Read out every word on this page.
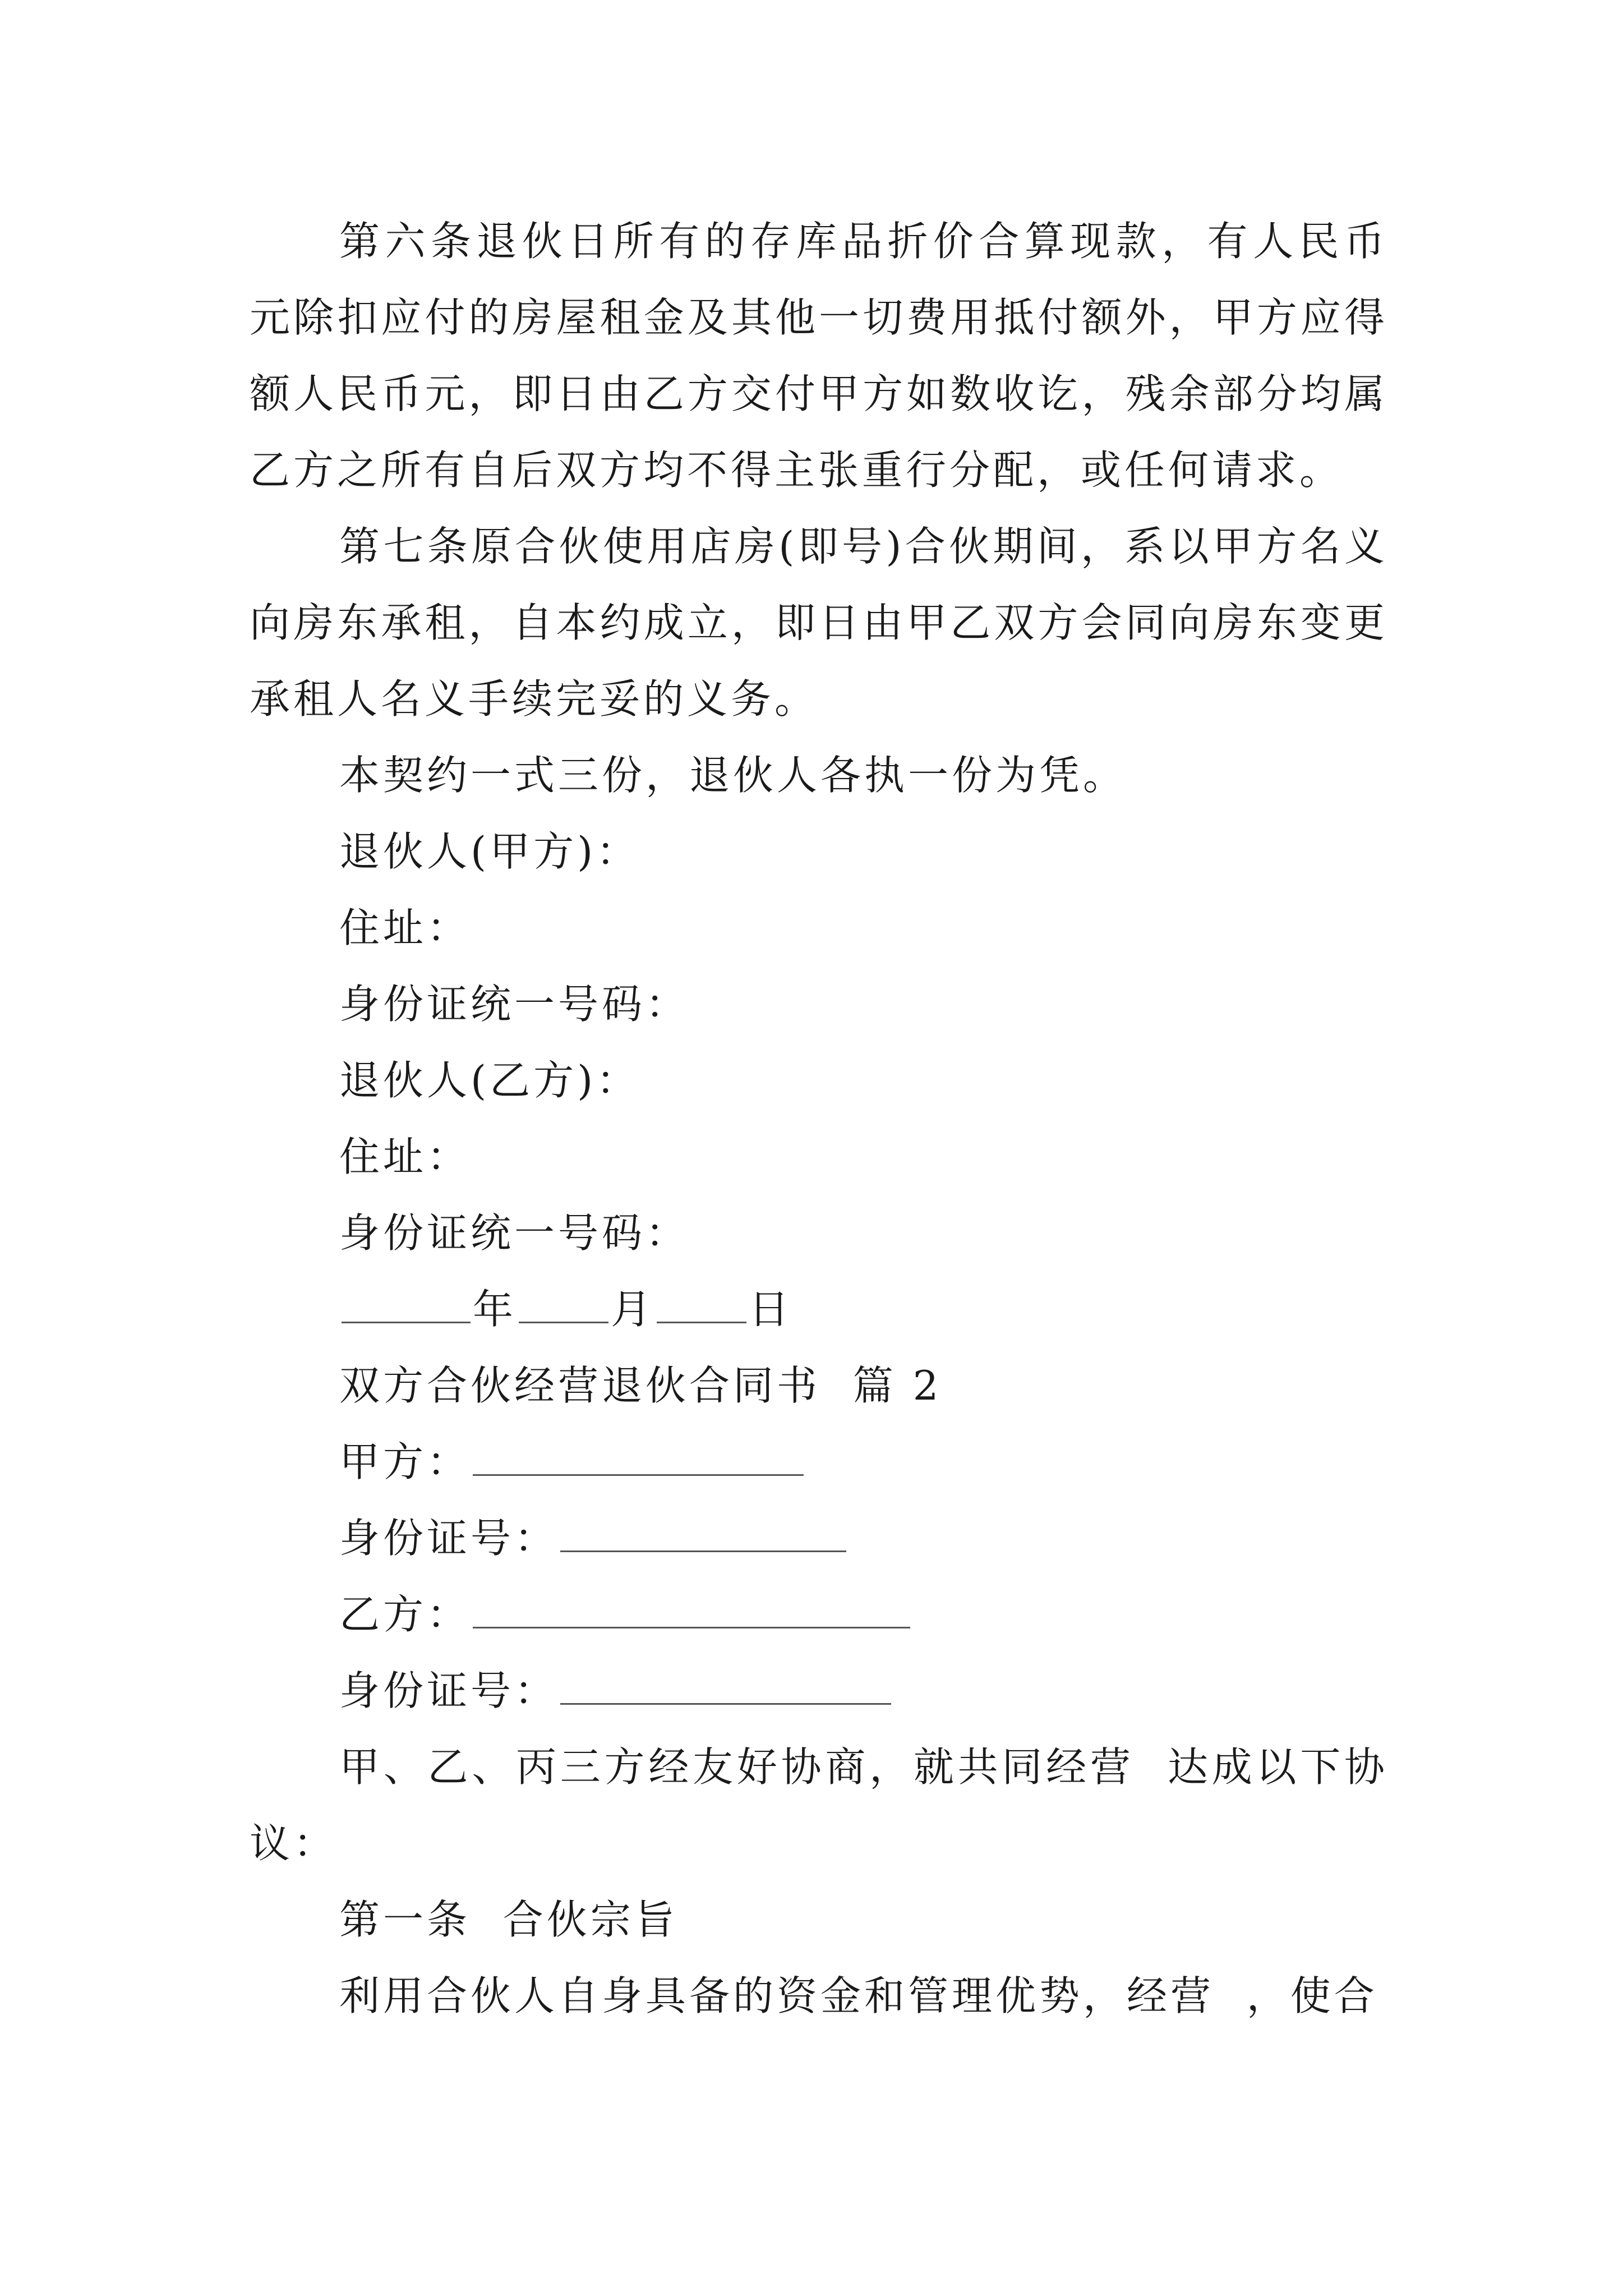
第六条退伙日所有的存库品折价合算现款，有人民币元除扣应付的房屋租金及其他一切费用抵付额外，甲方应得额人民币元，即日由乙方交付甲方如数收讫，残余部分均属乙方之所有自后双方均不得主张重行分配，或任何请求。

第七条原合伙使用店房(即号)合伙期间，系以甲方名义向房东承租，自本约成立，即日由甲乙双方会同向房东变更承租人名义手续完妥的义务。

本契约一式三份，退伙人各执一份为凭。

退伙人(甲方)：

住址：

身份证统一号码：

退伙人(乙方)：

住址：

身份证统一号码：

年 月 日

双方合伙经营退伙合同书  篇 2

甲方：

身份证号：

乙方：

身份证号：

甲、乙、丙三方经友好协商，就共同经营  达成以下协议：

第一条  合伙宗旨

利用合伙人自身具备的资金和管理优势，经营  ，使合
